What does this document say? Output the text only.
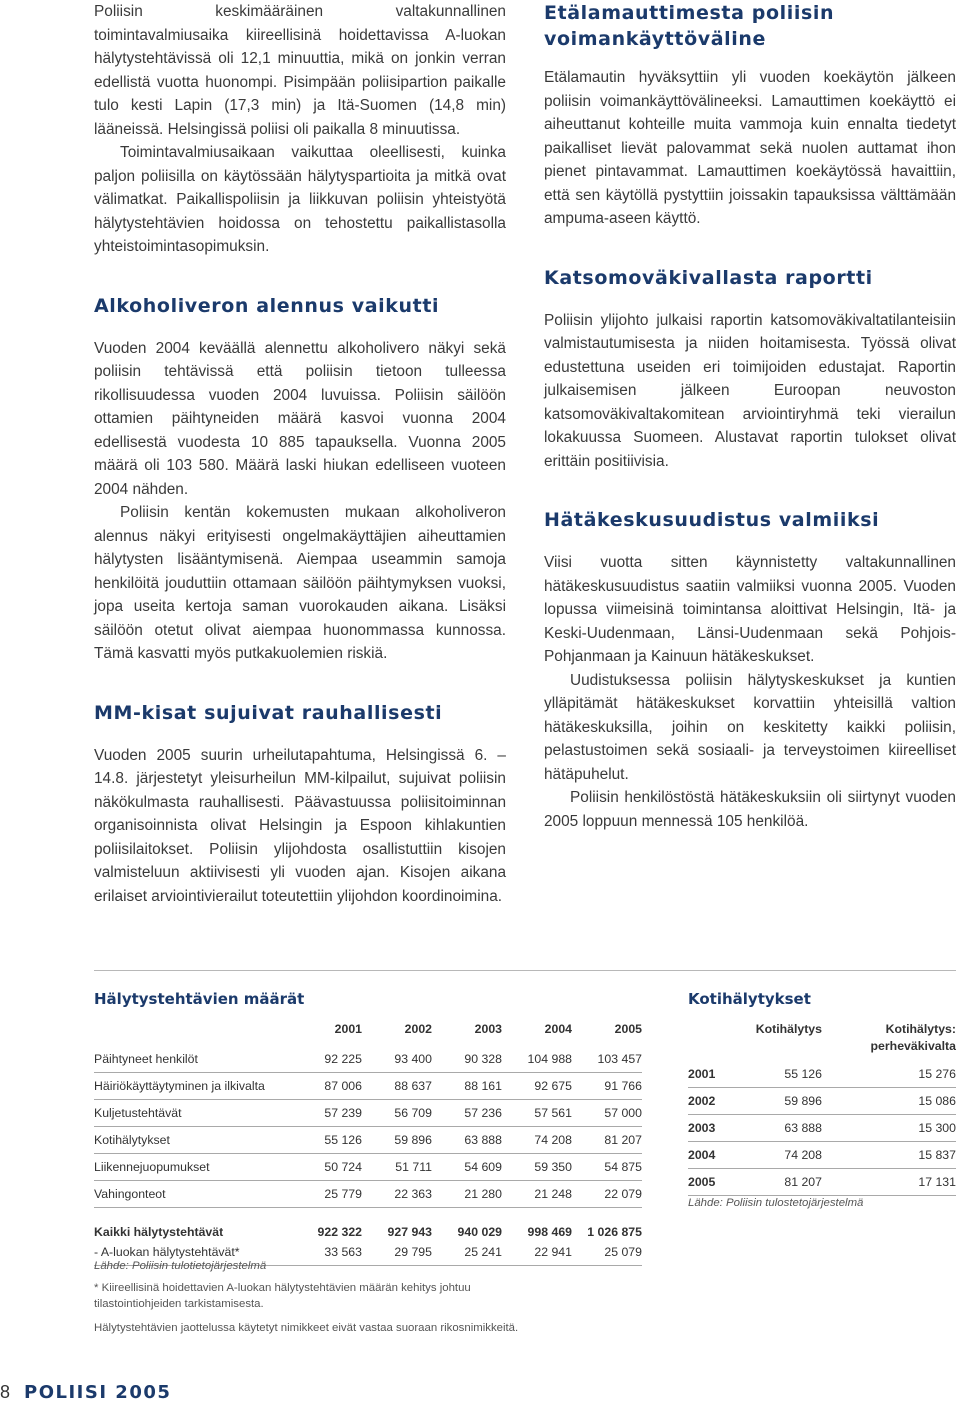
Poliisin keskimääräinen valtakunnallinen toimintavalmiusaika kiireellisinä hoidettavissa A-luokan hälytystehtävissä oli 12,1 minuuttia, mikä on jonkin verran edellistä vuotta huonompi. Pisimpään poliisipartion paikalle tulo kesti Lapin (17,3 min) ja Itä-Suomen (14,8 min) lääneissä. Helsingissä poliisi oli paikalla 8 minuutissa.

Toimintavalmiusaikaan vaikuttaa oleellisesti, kuinka paljon poliisilla on käytössään hälytyspartioita ja mitkä ovat välimatkat. Paikallispoliisin ja liikkuvan poliisin yhteistyötä hälytystehtävien hoidossa on tehostettu paikallistasolla yhteistoimintasopimuksin.

Alkoholiveron alennus vaikutti

Vuoden 2004 keväällä alennettu alkoholivero näkyi sekä poliisin tehtävissä että poliisin tietoon tulleessa rikollisuudessa vuoden 2004 luvuissa. Poliisin säilöön ottamien päihtyneiden määrä kasvoi vuonna 2004 edellisestä vuodesta 10 885 tapauksella. Vuonna 2005 määrä oli 103 580. Määrä laski hiukan edelliseen vuoteen 2004 nähden.

Poliisin kentän kokemusten mukaan alkoholiveron alennus näkyi erityisesti ongelmakäyttäjien aiheuttamien hälytysten lisääntymisenä. Aiempaa useammin samoja henkilöitä jouduttiin ottamaan säilöön päihtymyksen vuoksi, jopa useita kertoja saman vuorokauden aikana. Lisäksi säilöön otetut olivat aiempaa huonommassa kunnossa. Tämä kasvatti myös putkakuolemien riskiä.

MM-kisat sujuivat rauhallisesti

Vuoden 2005 suurin urheilutapahtuma, Helsingissä 6. – 14.8. järjestetyt yleisurheilun MM-kilpailut, sujuivat poliisin näkökulmasta rauhallisesti. Päävastuussa poliisitoiminnan organisoinnista olivat Helsingin ja Espoon kihlakuntien poliisilaitokset. Poliisin ylijohdosta osallistuttiin kisojen valmisteluun aktiivisesti yli vuoden ajan. Kisojen aikana erilaiset arviointivierailut toteutettiin ylijohdon koordinoimina.

Etälamauttimesta poliisin voimankäyttöväline

Etälamautin hyväksyttiin yli vuoden koekäytön jälkeen poliisin voimankäyttövälineeksi. Lamauttimen koekäyttö ei aiheuttanut kohteille muita vammoja kuin ennalta tiedetyt paikalliset lievät palovammat sekä nuolen auttamat ihon pienet pintavammat. Lamauttimen koekäytössä havaittiin, että sen käytöllä pystyttiin joissakin tapauksissa välttämään ampuma-aseen käyttö.

Katsomoväkivallasta raportti

Poliisin ylijohto julkaisi raportin katsomoväkivaltatilanteisiin valmistautumisesta ja niiden hoitamisesta. Työssä olivat edustettuna useiden eri toimijoiden edustajat. Raportin julkaisemisen jälkeen Euroopan neuvoston katsomoväkivaltakomitean arviointiryhmä teki vierailun lokakuussa Suomeen. Alustavat raportin tulokset olivat erittäin positiivisia.

Hätäkeskusuudistus valmiiksi

Viisi vuotta sitten käynnistetty valtakunnallinen hätäkeskusuudistus saatiin valmiiksi vuonna 2005. Vuoden lopussa viimeisinä toimintansa aloittivat Helsingin, Itä- ja Keski-Uudenmaan, Länsi-Uudenmaan sekä Pohjois-Pohjanmaan ja Kainuun hätäkeskukset.

Uudistuksessa poliisin hälytyskeskukset ja kuntien ylläpitämät hätäkeskukset korvattiin yhteisillä valtion hätäkeskuksilla, joihin on keskitetty kaikki poliisin, pelastustoimen sekä sosiaali- ja terveystoimen kiireelliset hätäpuhelut.

Poliisin henkilöstöstä hätäkeskuksiin oli siirtynyt vuoden 2005 loppuun mennessä 105 henkilöä.

Hälytystehtävien määrät
	2001	2002	2003	2004	2005
Päihtyneet henkilöt	92 225	93 400	90 328	104 988	103 457
Häiriökäyttäytyminen ja ilkivalta	87 006	88 637	88 161	92 675	91 766
Kuljetustehtävät	57 239	56 709	57 236	57 561	57 000
Kotihälytykset	55 126	59 896	63 888	74 208	81 207
Liikennejuopumukset	50 724	51 711	54 609	59 350	54 875
Vahingonteot	25 779	22 363	21 280	21 248	22 079

Kaikki hälytystehtävät	922 322	927 943	940 029	998 469	1 026 875
- A-luokan hälytystehtävät*	33 563	29 795	25 241	22 941	25 079

Lähde: Poliisin tulotietojärjestelmä

* Kiireellisinä hoidettavien A-luokan hälytystehtävien määrän kehitys johtuu tilastointiohjeiden tarkistamisesta.

Hälytystehtävien jaottelussa käytetyt nimikkeet eivät vastaa suoraan rikosnimikkeitä.

Kotihälytykset
	Kotihälytys	Kotihälytys:
perheväkivalta

2001	55 126	15 276
2002	59 896	15 086
2003	63 888	15 300
2004	74 208	15 837
2005	81 207	17 131

Lähde: Poliisin tulostetojärjestelmä

8 POLIISI 2005
